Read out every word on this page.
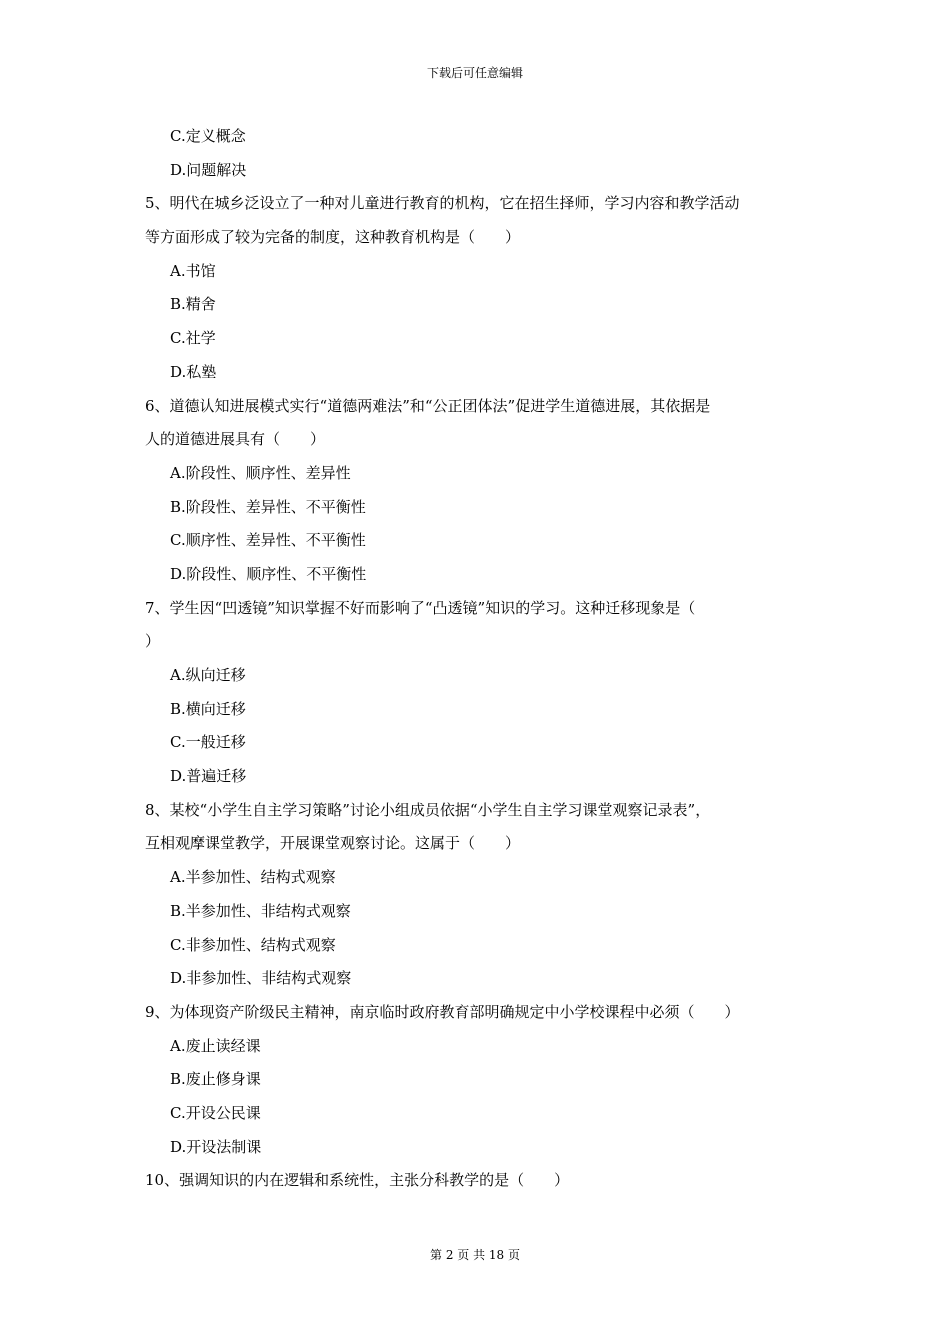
下载后可任意编辑
C.定义概念
D.问题解决
5、明代在城乡泛设立了一种对儿童进行教育的机构，它在招生择师，学习内容和教学活动
等方面形成了较为完备的制度，这种教育机构是（　　）
A.书馆
B.精舍
C.社学
D.私塾
6、道德认知进展模式实行“道德两难法”和“公正团体法”促进学生道德进展，其依据是
人的道德进展具有（　　）
A.阶段性、顺序性、差异性
B.阶段性、差异性、不平衡性
C.顺序性、差异性、不平衡性
D.阶段性、顺序性、不平衡性
7、学生因“凹透镜”知识掌握不好而影响了“凸透镜”知识的学习。这种迁移现象是（
）
A.纵向迁移
B.横向迁移
C.一般迁移
D.普遍迁移
8、某校“小学生自主学习策略”讨论小组成员依据“小学生自主学习课堂观察记录表”，
互相观摩课堂教学，开展课堂观察讨论。这属于（　　）
A.半参加性、结构式观察
B.半参加性、非结构式观察
C.非参加性、结构式观察
D.非参加性、非结构式观察
9、为体现资产阶级民主精神，南京临时政府教育部明确规定中小学校课程中必须（　　）
A.废止读经课
B.废止修身课
C.开设公民课
D.开设法制课
10、强调知识的内在逻辑和系统性，主张分科教学的是（　　）
第 2 页 共 18 页
